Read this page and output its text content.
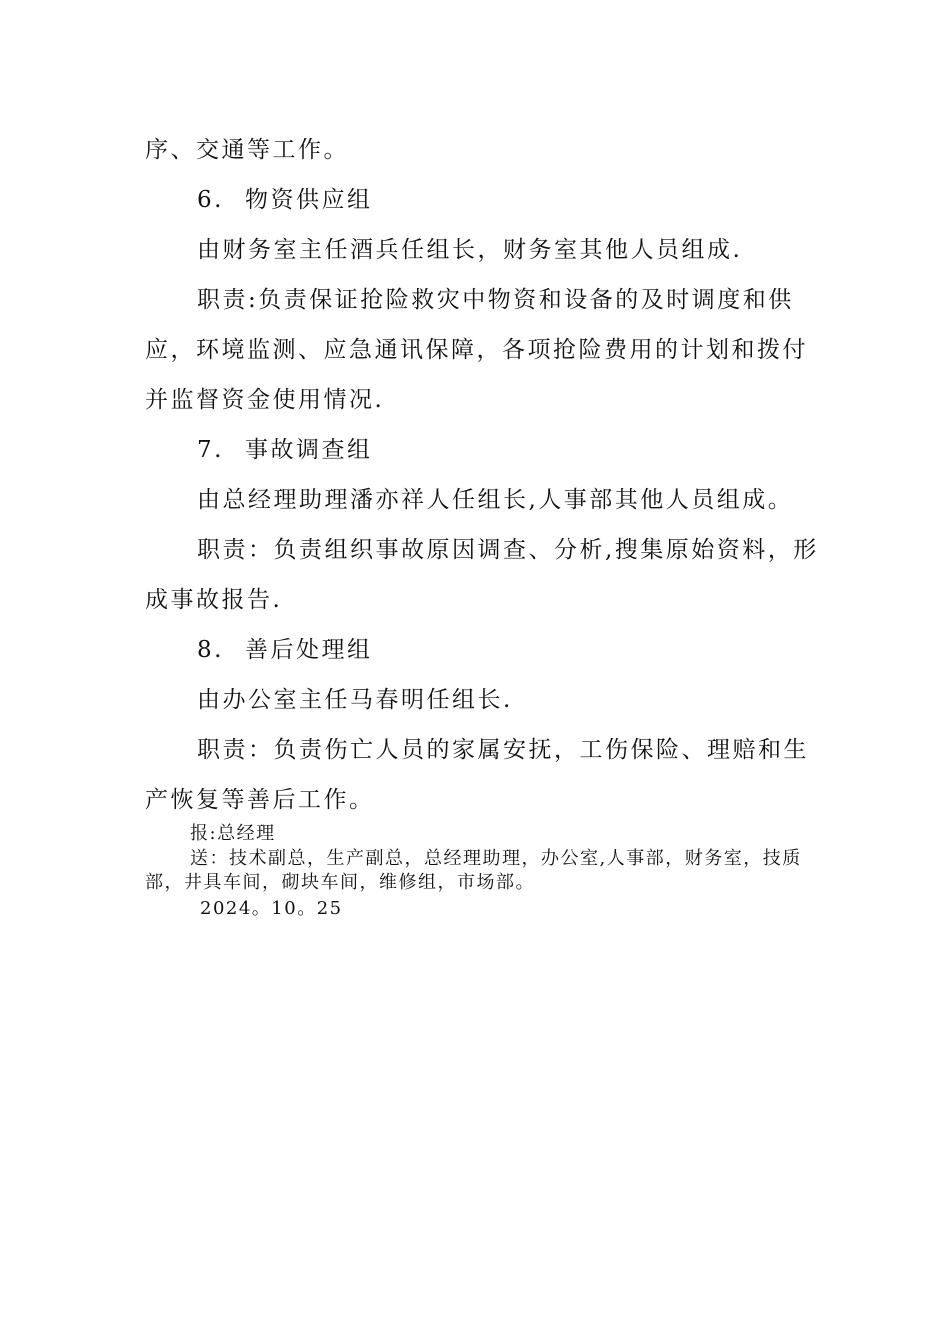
序、交通等工作。
6. 物资供应组
由财务室主任酒兵任组长，财务室其他人员组成.
职责:负责保证抢险救灾中物资和设备的及时调度和供应，环境监测、应急通讯保障，各项抢险费用的计划和拨付并监督资金使用情况.
7. 事故调查组
由总经理助理潘亦祥人任组长,人事部其他人员组成。
职责：负责组织事故原因调查、分析,搜集原始资料，形成事故报告.
8. 善后处理组
由办公室主任马春明任组长.
职责：负责伤亡人员的家属安抚，工伤保险、理赔和生产恢复等善后工作。
报:总经理
送：技术副总，生产副总，总经理助理，办公室,人事部，财务室，技质部，井具车间，砌块车间，维修组，市场部。
2024。10。25
